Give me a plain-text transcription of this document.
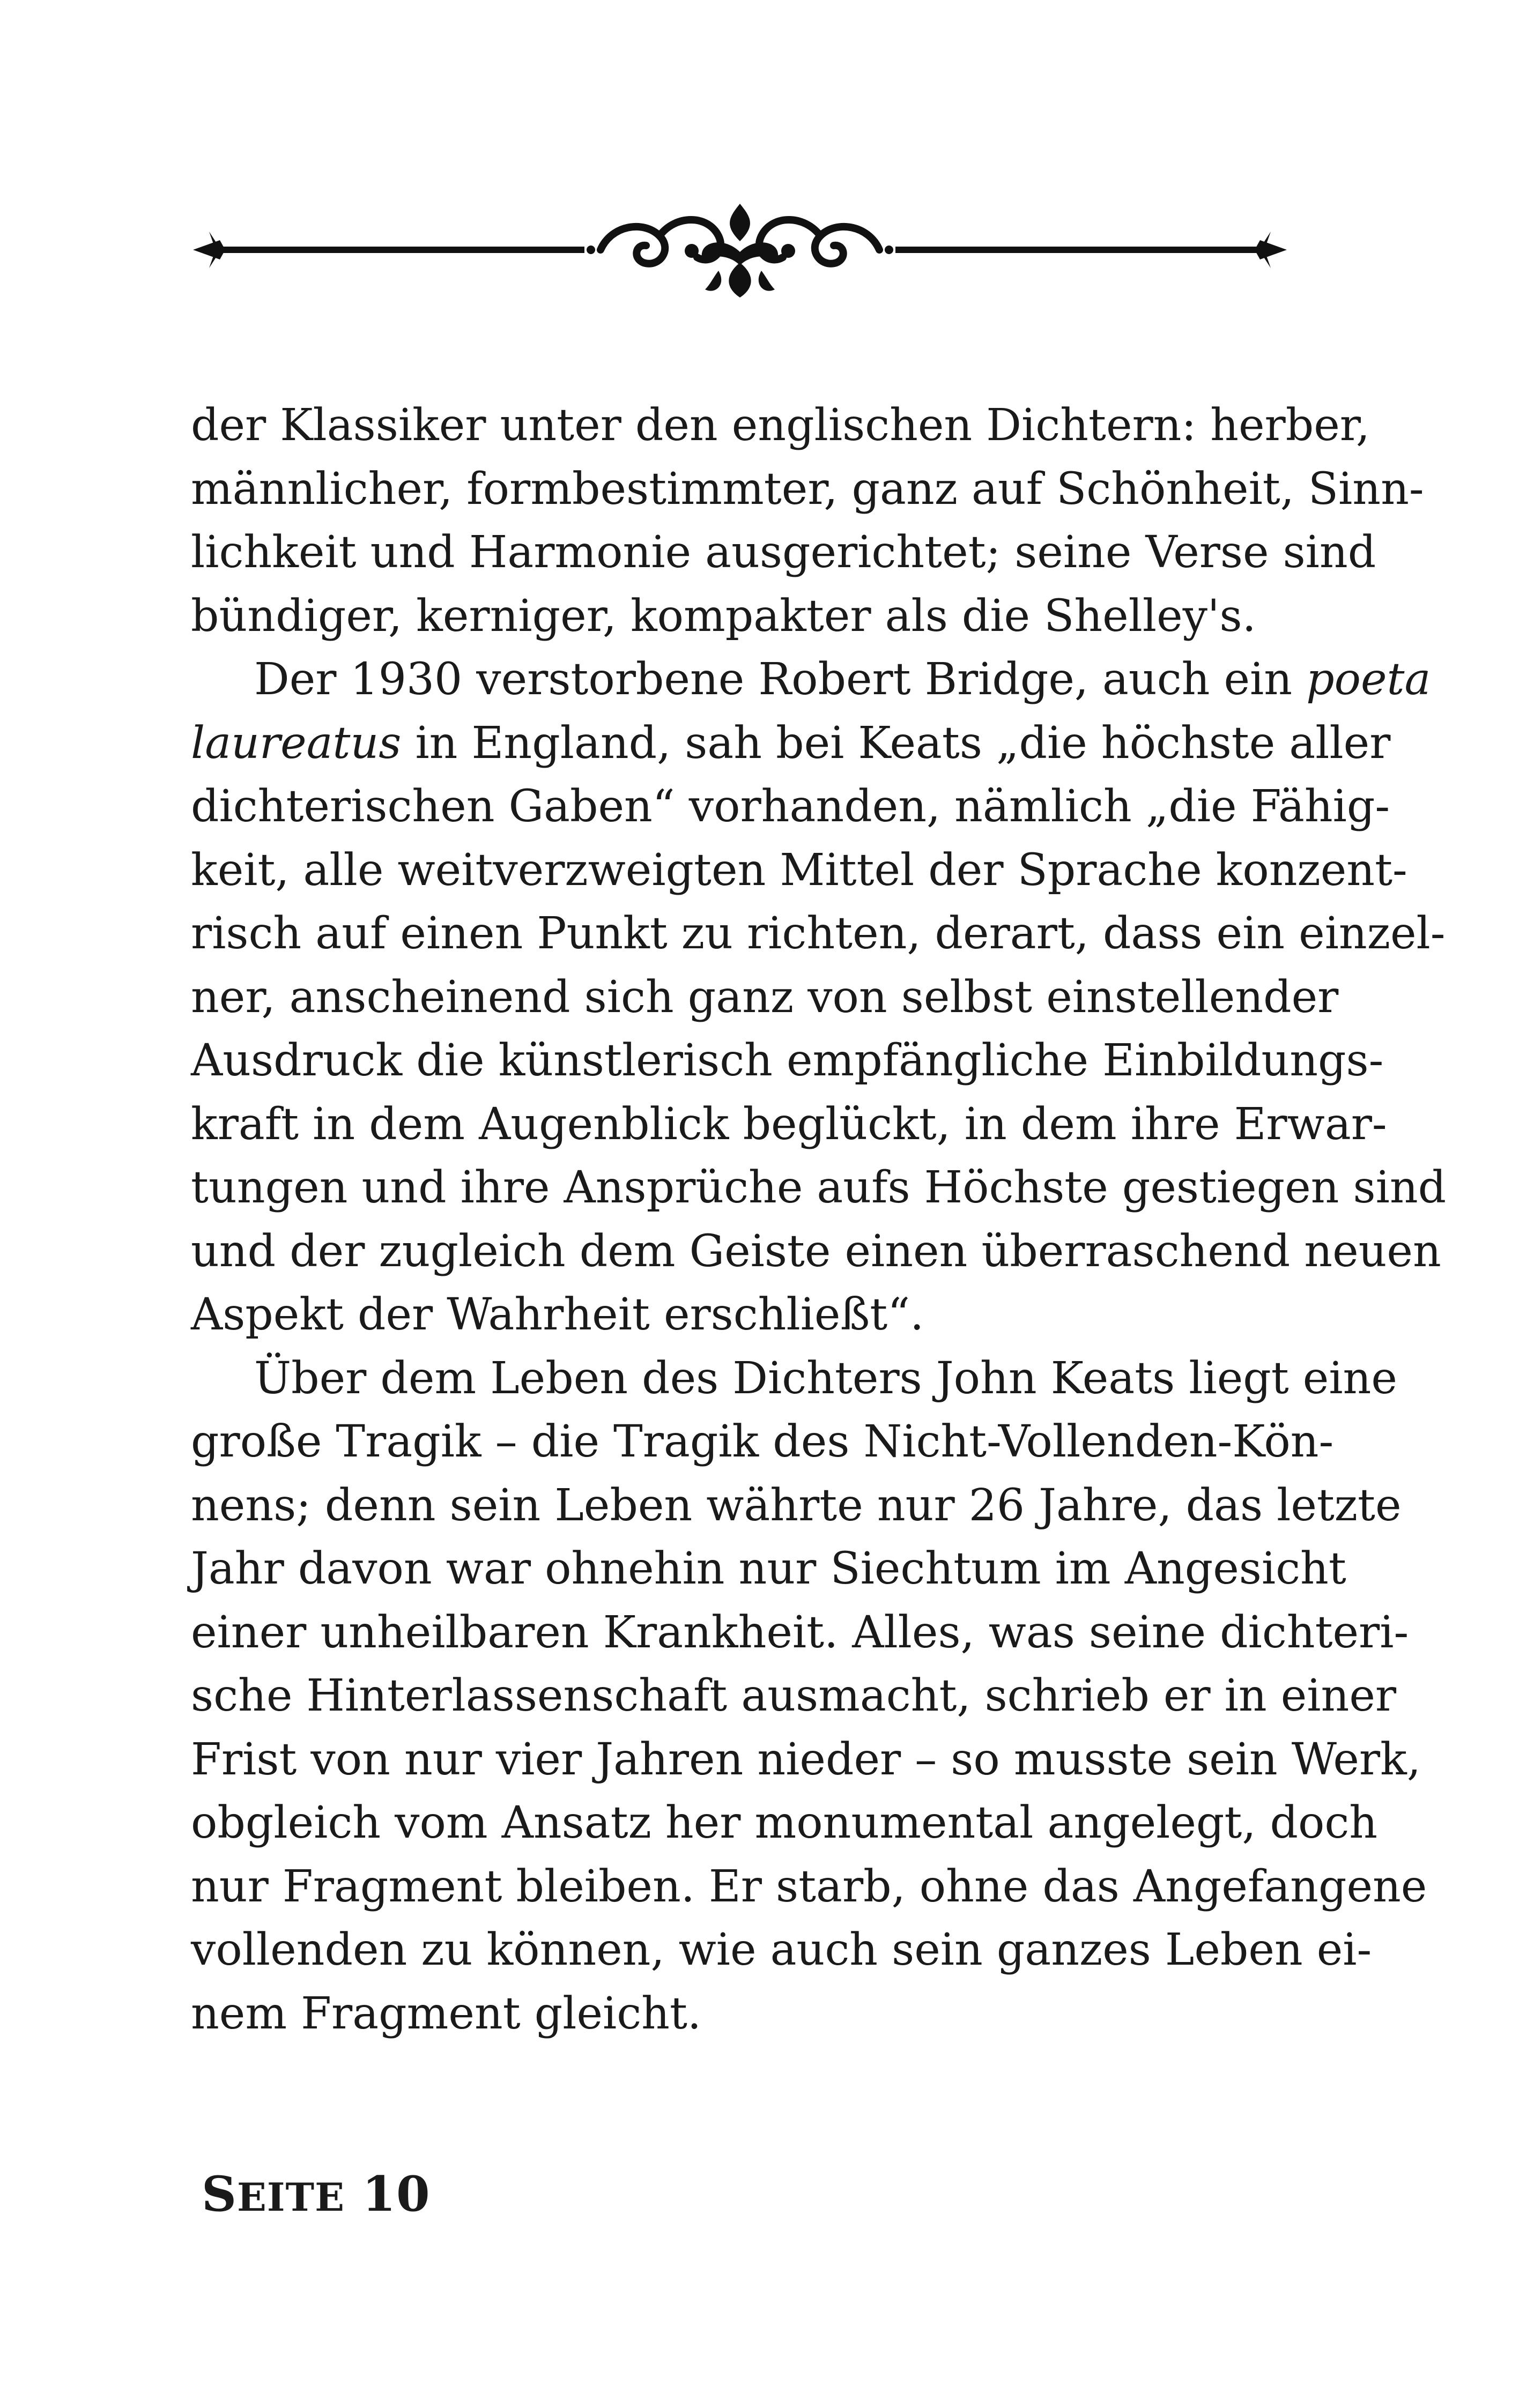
der Klassiker unter den englischen Dichtern: herber,
männlicher, formbestimmter, ganz auf Schönheit, Sinn-
lichkeit und Harmonie ausgerichtet; seine Verse sind
bündiger, kerniger, kompakter als die Shelley's.
Der 1930 verstorbene Robert Bridge, auch ein poeta
laureatus in England, sah bei Keats „die höchste aller
dichterischen Gaben“ vorhanden, nämlich „die Fähig-
keit, alle weitverzweigten Mittel der Sprache konzent-
risch auf einen Punkt zu richten, derart, dass ein einzel-
ner, anscheinend sich ganz von selbst einstellender
Ausdruck die künstlerisch empfängliche Einbildungs-
kraft in dem Augenblick beglückt, in dem ihre Erwar-
tungen und ihre Ansprüche aufs Höchste gestiegen sind
und der zugleich dem Geiste einen überraschend neuen
Aspekt der Wahrheit erschließt“.
Über dem Leben des Dichters John Keats liegt eine
große Tragik – die Tragik des Nicht-Vollenden-Kön-
nens; denn sein Leben währte nur 26 Jahre, das letzte
Jahr davon war ohnehin nur Siechtum im Angesicht
einer unheilbaren Krankheit. Alles, was seine dichteri-
sche Hinterlassenschaft ausmacht, schrieb er in einer
Frist von nur vier Jahren nieder – so musste sein Werk,
obgleich vom Ansatz her monumental angelegt, doch
nur Fragment bleiben. Er starb, ohne das Angefangene
vollenden zu können, wie auch sein ganzes Leben ei-
nem Fragment gleicht.
SEITE 10
